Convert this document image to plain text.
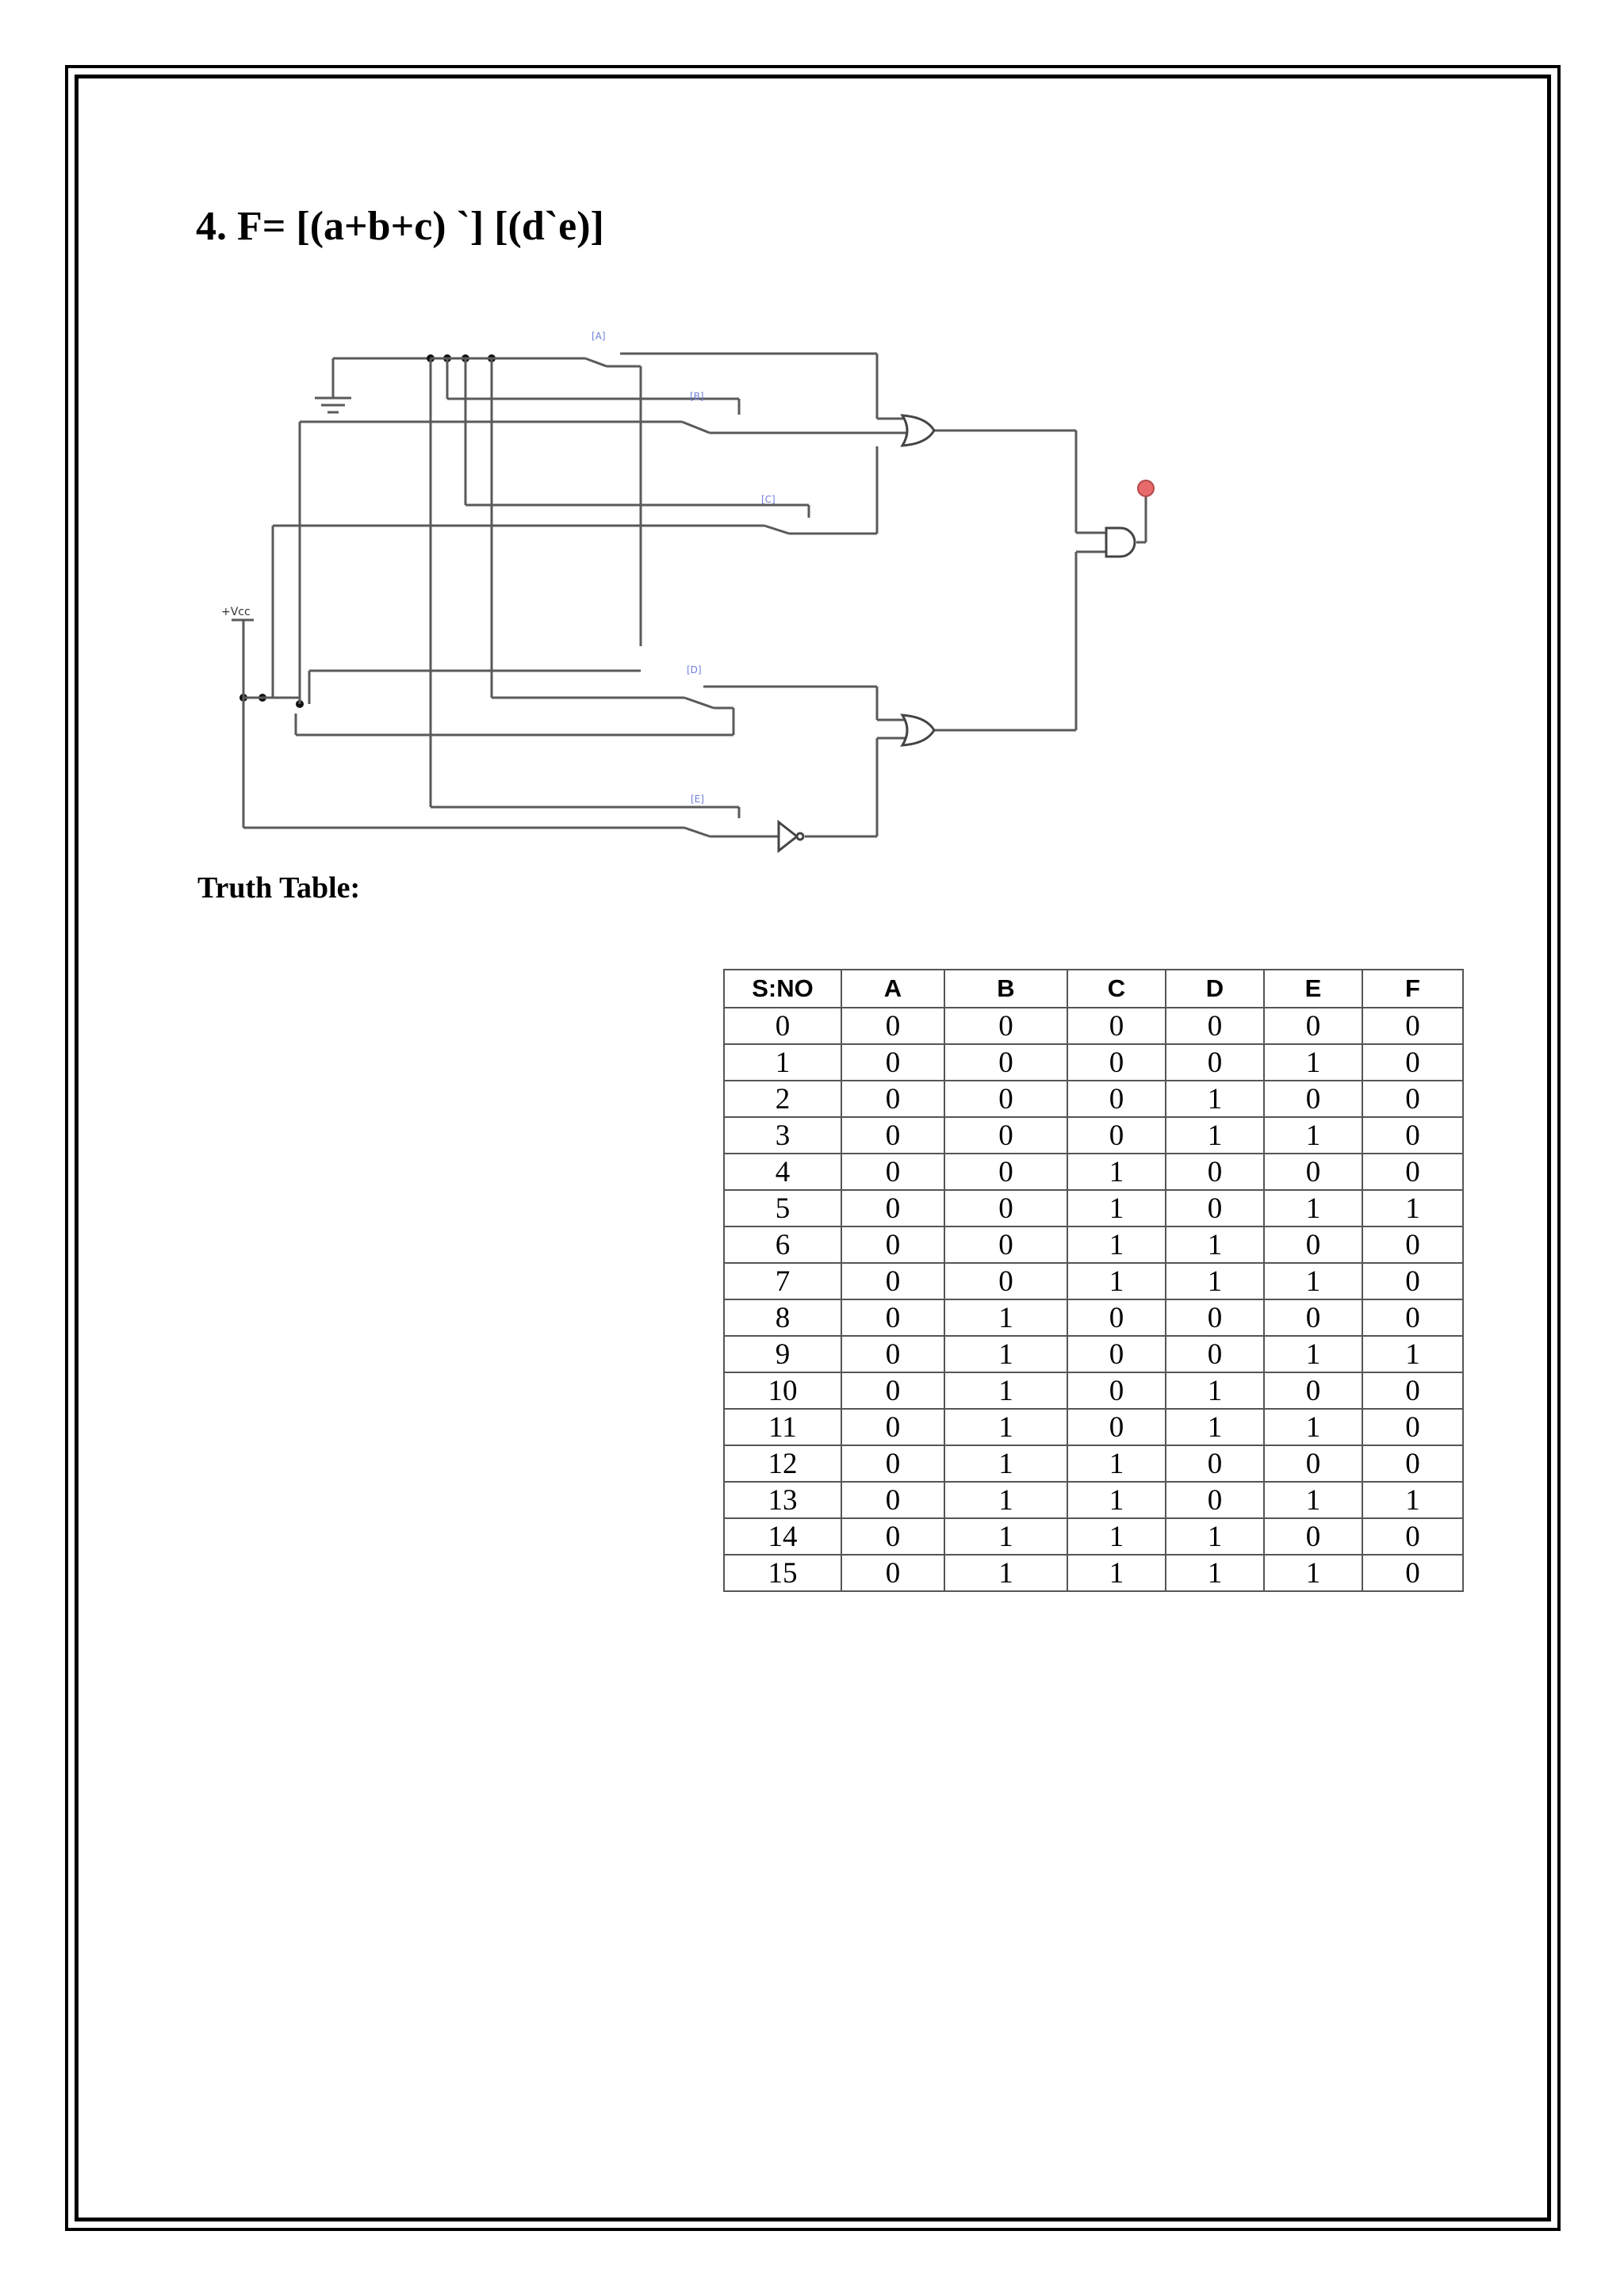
4. F= [(a+b+c) `] [(d`e)]
[A]
[B]
[C]
[D]
[E]
+Vcc

Truth Table:

S:NO	A	B	C	D	E	F
0	0	0	0	0	0	0
1	0	0	0	0	1	0
2	0	0	0	1	0	0
3	0	0	0	1	1	0
4	0	0	1	0	0	0
5	0	0	1	0	1	1
6	0	0	1	1	0	0
7	0	0	1	1	1	0
8	0	1	0	0	0	0
9	0	1	0	0	1	1
10	0	1	0	1	0	0
11	0	1	0	1	1	0
12	0	1	1	0	0	0
13	0	1	1	0	1	1
14	0	1	1	1	0	0
15	0	1	1	1	1	0
